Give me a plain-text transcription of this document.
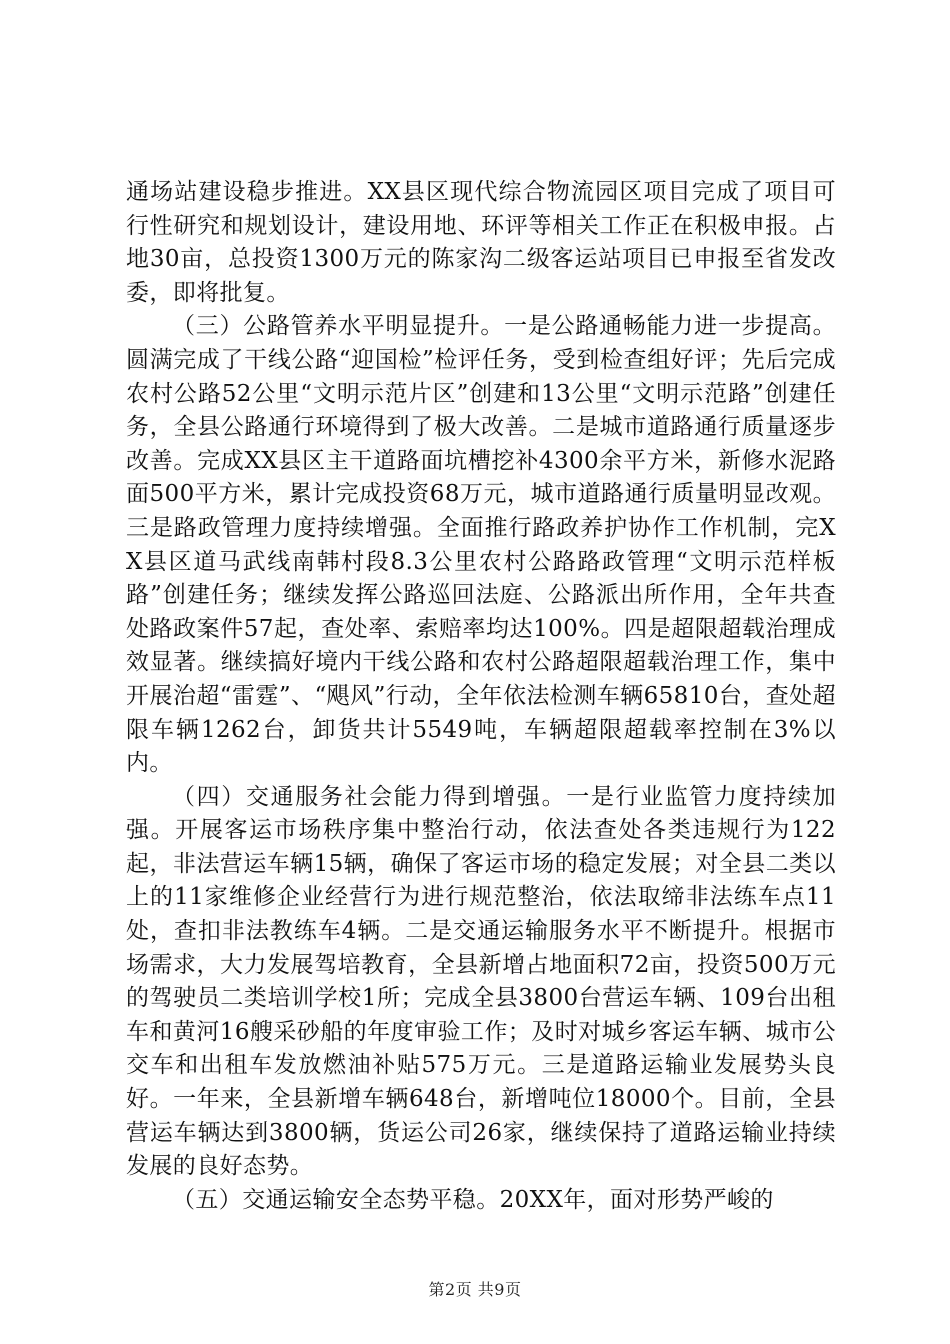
通场站建设稳步推进。XX县区现代综合物流园区项目完成了项目可行性研究和规划设计，建设用地、环评等相关工作正在积极申报。占地30亩，总投资1300万元的陈家沟二级客运站项目已申报至省发改委，即将批复。

（三）公路管养水平明显提升。一是公路通畅能力进一步提高。圆满完成了干线公路“迎国检”检评任务，受到检查组好评；先后完成农村公路52公里“文明示范片区”创建和13公里“文明示范路”创建任务，全县公路通行环境得到了极大改善。二是城市道路通行质量逐步改善。完成XX县区主干道路面坑槽挖补4300余平方米，新修水泥路面500平方米，累计完成投资68万元，城市道路通行质量明显改观。三是路政管理力度持续增强。全面推行路政养护协作工作机制，完XX县区道马武线南韩村段8.3公里农村公路路政管理“文明示范样板路”创建任务；继续发挥公路巡回法庭、公路派出所作用，全年共查处路政案件57起，查处率、索赔率均达100%。四是超限超载治理成效显著。继续搞好境内干线公路和农村公路超限超载治理工作，集中开展治超“雷霆”、“飓风”行动，全年依法检测车辆65810台，查处超限车辆1262台，卸货共计5549吨，车辆超限超载率控制在3%以内。

（四）交通服务社会能力得到增强。一是行业监管力度持续加强。开展客运市场秩序集中整治行动，依法查处各类违规行为122起，非法营运车辆15辆，确保了客运市场的稳定发展；对全县二类以上的11家维修企业经营行为进行规范整治，依法取缔非法练车点11处，查扣非法教练车4辆。二是交通运输服务水平不断提升。根据市场需求，大力发展驾培教育，全县新增占地面积72亩，投资500万元的驾驶员二类培训学校1所；完成全县3800台营运车辆、109台出租车和黄河16艘采砂船的年度审验工作；及时对城乡客运车辆、城市公交车和出租车发放燃油补贴575万元。三是道路运输业发展势头良好。一年来，全县新增车辆648台，新增吨位18000个。目前，全县营运车辆达到3800辆，货运公司26家，继续保持了道路运输业持续发展的良好态势。

（五）交通运输安全态势平稳。20XX年，面对形势严峻的

第2页 共9页
